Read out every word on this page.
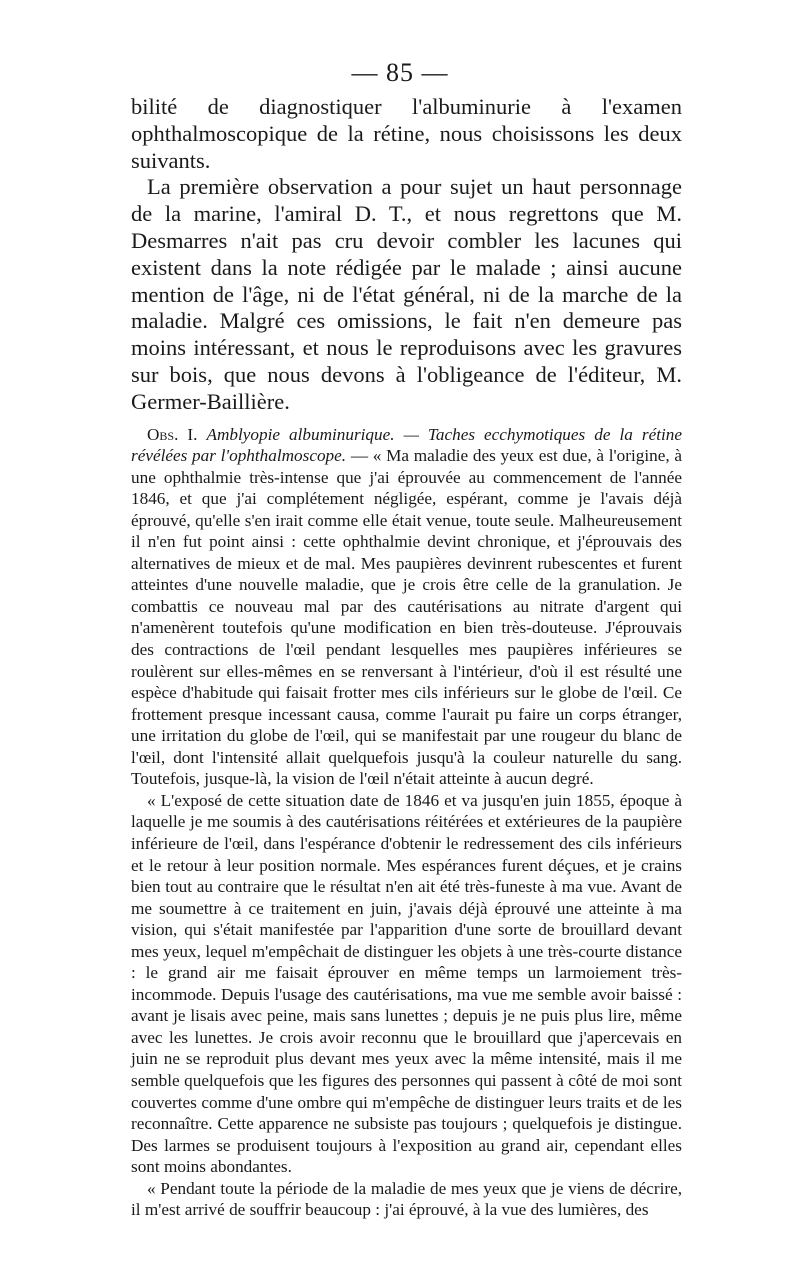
— 85 —

bilité de diagnostiquer l'albuminurie à l'examen ophthalmoscopique de la rétine, nous choisissons les deux suivants.

La première observation a pour sujet un haut personnage de la marine, l'amiral D. T., et nous regrettons que M. Desmarres n'ait pas cru devoir combler les lacunes qui existent dans la note rédigée par le malade ; ainsi aucune mention de l'âge, ni de l'état général, ni de la marche de la maladie. Malgré ces omissions, le fait n'en demeure pas moins intéressant, et nous le reproduisons avec les gravures sur bois, que nous devons à l'obligeance de l'éditeur, M. Germer-Baillière.

Obs. I. Amblyopie albuminurique. — Taches ecchymotiques de la rétine révélées par l'ophthalmoscope. — « Ma maladie des yeux est due, à l'origine, à une ophthalmie très-intense que j'ai éprouvée au commencement de l'année 1846, et que j'ai complétement négligée, espérant, comme je l'avais déjà éprouvé, qu'elle s'en irait comme elle était venue, toute seule. Malheureusement il n'en fut point ainsi : cette ophthalmie devint chronique, et j'éprouvais des alternatives de mieux et de mal. Mes paupières devinrent rubescentes et furent atteintes d'une nouvelle maladie, que je crois être celle de la granulation. Je combattis ce nouveau mal par des cautérisations au nitrate d'argent qui n'amenèrent toutefois qu'une modification en bien très-douteuse. J'éprouvais des contractions de l'œil pendant lesquelles mes paupières inférieures se roulèrent sur elles-mêmes en se renversant à l'intérieur, d'où il est résulté une espèce d'habitude qui faisait frotter mes cils inférieurs sur le globe de l'œil. Ce frottement presque incessant causa, comme l'aurait pu faire un corps étranger, une irritation du globe de l'œil, qui se manifestait par une rougeur du blanc de l'œil, dont l'intensité allait quelquefois jusqu'à la couleur naturelle du sang. Toutefois, jusque-là, la vision de l'œil n'était atteinte à aucun degré.

« L'exposé de cette situation date de 1846 et va jusqu'en juin 1855, époque à laquelle je me soumis à des cautérisations réitérées et extérieures de la paupière inférieure de l'œil, dans l'espérance d'obtenir le redressement des cils inférieurs et le retour à leur position normale. Mes espérances furent déçues, et je crains bien tout au contraire que le résultat n'en ait été très-funeste à ma vue. Avant de me soumettre à ce traitement en juin, j'avais déjà éprouvé une atteinte à ma vision, qui s'était manifestée par l'apparition d'une sorte de brouillard devant mes yeux, lequel m'empêchait de distinguer les objets à une très-courte distance : le grand air me faisait éprouver en même temps un larmoiement très-incommode. Depuis l'usage des cautérisations, ma vue me semble avoir baissé : avant je lisais avec peine, mais sans lunettes ; depuis je ne puis plus lire, même avec les lunettes. Je crois avoir reconnu que le brouillard que j'apercevais en juin ne se reproduit plus devant mes yeux avec la même intensité, mais il me semble quelquefois que les figures des personnes qui passent à côté de moi sont couvertes comme d'une ombre qui m'empêche de distinguer leurs traits et de les reconnaître. Cette apparence ne subsiste pas toujours ; quelquefois je distingue. Des larmes se produisent toujours à l'exposition au grand air, cependant elles sont moins abondantes.

« Pendant toute la période de la maladie de mes yeux que je viens de décrire, il m'est arrivé de souffrir beaucoup : j'ai éprouvé, à la vue des lumières, des
